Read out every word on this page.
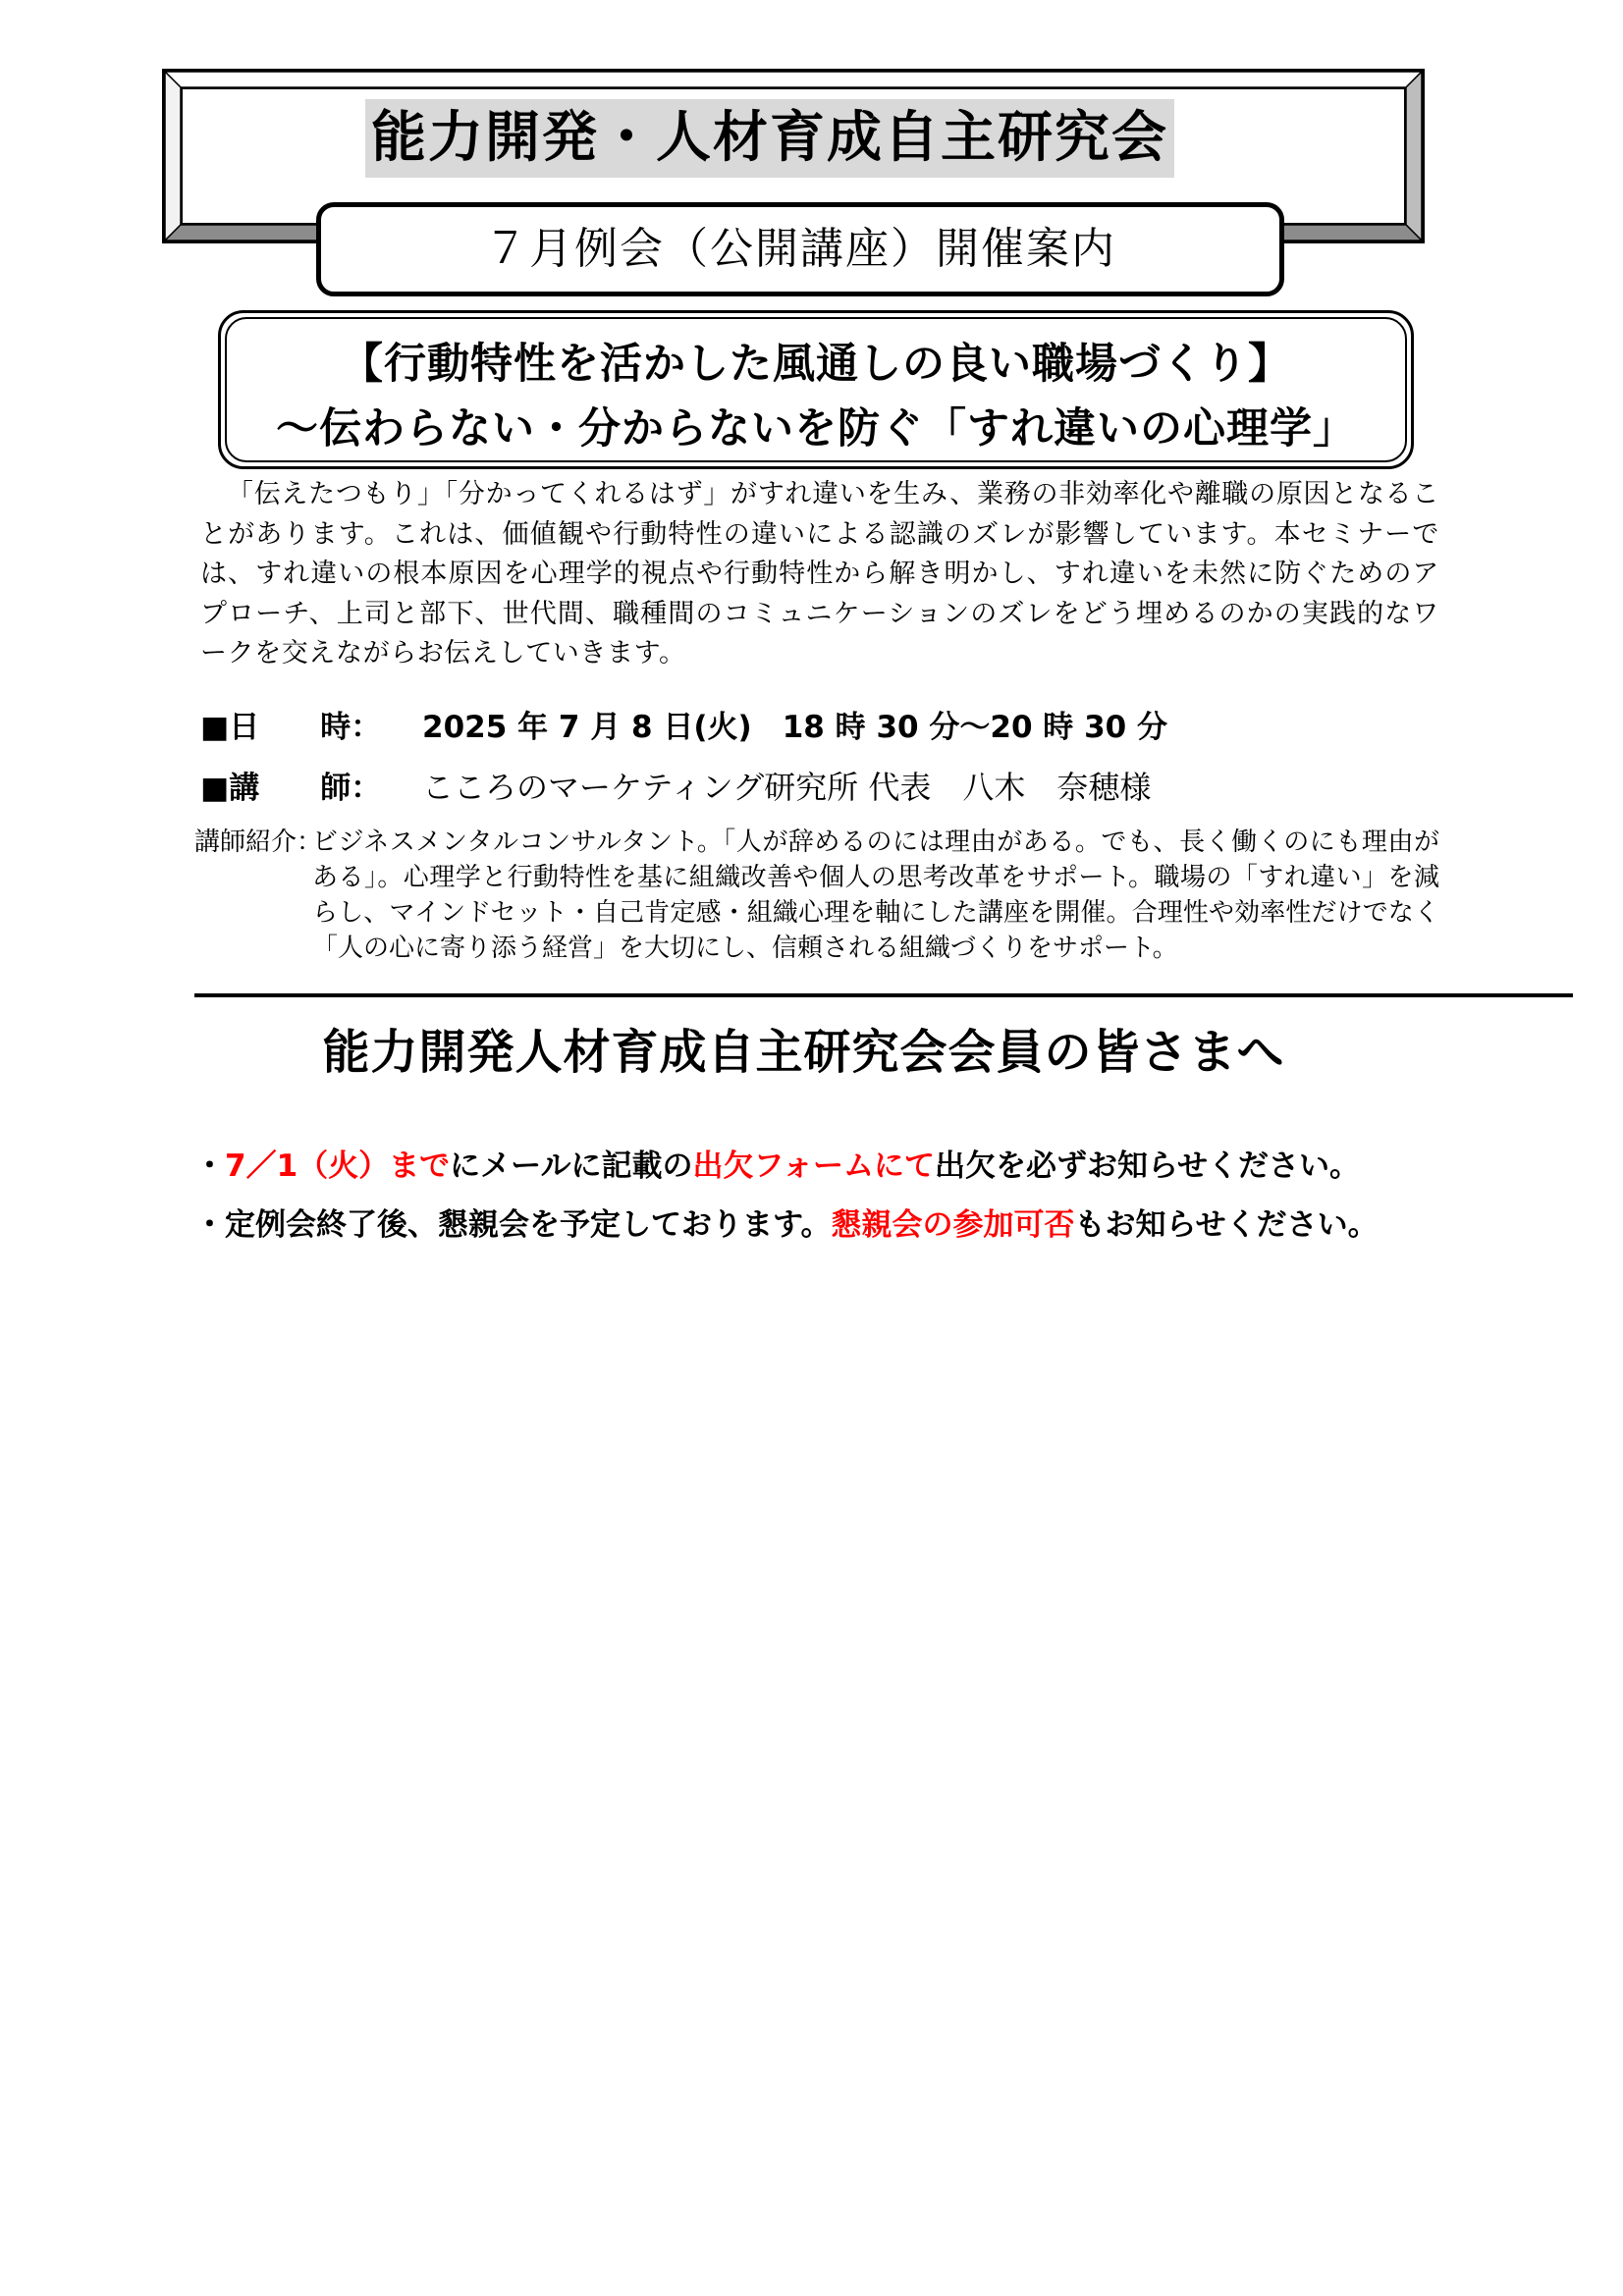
能力開発・人材育成自主研究会
７月例会（公開講座）開催案内
【行動特性を活かした風通しの良い職場づくり】
～伝わらない・分からないを防ぐ「すれ違いの心理学」
「伝えたつもり」「分かってくれるはず」がすれ違いを生み、業務の非効率化や離職の原因となることがあります。これは、価値観や行動特性の違いによる認識のズレが影響しています。本セミナーでは、すれ違いの根本原因を心理学的視点や行動特性から解き明かし、すれ違いを未然に防ぐためのアプローチ、上司と部下、世代間、職種間のコミュニケーションのズレをどう埋めるのかの実践的なワークを交えながらお伝えしていきます。
■日　　時： 2025 年 7 月 8 日(火)　18 時 30 分～20 時 30 分
■講　　師： こころのマーケティング研究所 代表　八木　奈穂様
講師紹介：
ビジネスメンタルコンサルタント。「人が辞めるのには理由がある。でも、長く働くのにも理由がある」。心理学と行動特性を基に組織改善や個人の思考改革をサポート。職場の「すれ違い」を減らし、マインドセット・自己肯定感・組織心理を軸にした講座を開催。合理性や効率性だけでなく「人の心に寄り添う経営」を大切にし、信頼される組織づくりをサポート。
能力開発人材育成自主研究会会員の皆さまへ
・7／1（火）までにメールに記載の出欠フォームにて出欠を必ずお知らせください。
・定例会終了後、懇親会を予定しております。懇親会の参加可否もお知らせください。
